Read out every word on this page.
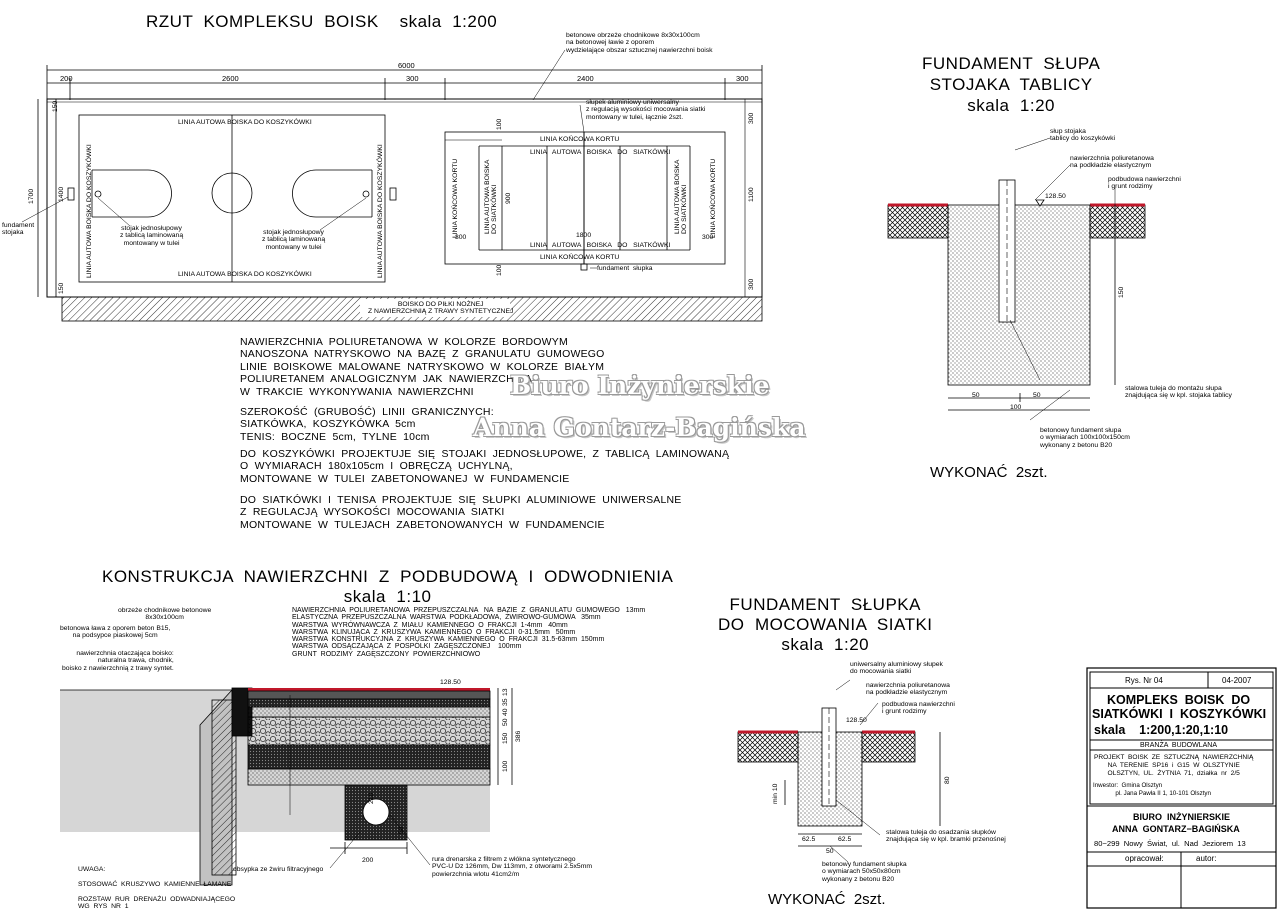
RZUT  KOMPLEKSU  BOISK    skala  1:200
6000
200	2600	300	2400	300
150
1400
1700
150
300
1100
300
LINIA AUTOWA BOISKA DO KOSZYKÓWKI
LINIA AUTOWA BOISKA DO KOSZYKÓWKI
LINIA AUTOWA BOISKA DO KOSZYKÓWKI	LINIA AUTOWA BOISKA DO KOSZYKÓWKI
fundament
stojaka
stojak jednosłupowy
z tablicą laminowaną
montowany w tulei
stojak jednosłupowy
z tablicą laminowaną
montowany w tulei
betonowe obrzeże chodnikowe 8x30x100cm
na betonowej ławie z oporem
wydzielające obszar sztucznej nawierzchni boisk
słupek aluminiowy uniwersalny
z regulacją wysokości mocowania siatki
montowany w tulei, łącznie 2szt.
LINIA KOŃCOWA KORTU
LINIA KOŃCOWA KORTU
LINIA   AUTOWA   BOISKA   DO   SIATKÓWKI
LINIA   AUTOWA   BOISKA   DO   SIATKÓWKI
LINIA KOŃCOWA KORTU	LINIA KOŃCOWA KORTU
LINIA AUTOWA BOISKA
DO SIATKÓWKI
LINIA AUTOWA BOISKA
DO SIATKÓWKI
100
100
900
1800
300	300
fundament  słupka
BOISKO DO PIŁKI NOŻNEJ
Z NAWIERZCHNIĄ Z TRAWY SYNTETYCZNEJ
NAWIERZCHNIA  POLIURETANOWA  W  KOLORZE  BORDOWYM
NANOSZONA  NATRYSKOWO  NA  BAZĘ  Z  GRANULATU  GUMOWEGO
LINIE  BOISKOWE  MALOWANE  NATRYSKOWO  W  KOLORZE  BIAŁYM
POLIURETANEM  ANALOGICZNYM  JAK  NAWIERZCHNIA,
W  TRAKCIE  WYKONYWANIA  NAWIERZCHNI
SZEROKOŚĆ  (GRUBOŚĆ)  LINII  GRANICZNYCH:
SIATKÓWKA,  KOSZYKÓWKA  5cm
TENIS:  BOCZNE  5cm,  TYLNE  10cm
DO  KOSZYKÓWKI  PROJEKTUJE  SIĘ  STOJAKI  JEDNOSŁUPOWE,  Z  TABLICĄ  LAMINOWANĄ
O  WYMIARACH  180x105cm  I  OBRĘCZĄ  UCHYLNĄ,
MONTOWANE  W  TULEI  ZABETONOWANEJ  W  FUNDAMENCIE
DO  SIATKÓWKI  I  TENISA  PROJEKTUJE  SIĘ  SŁUPKI  ALUMINIOWE  UNIWERSALNE
Z  REGULACJĄ  WYSOKOŚCI  MOCOWANIA  SIATKI
MONTOWANE  W  TULEJACH  ZABETONOWANYCH  W  FUNDAMENCIE
Biuro Inżynierskie
Anna Gontarz-Bagińska
FUNDAMENT  SŁUPA
STOJAKA  TABLICY
skala  1:20
słup stojaka
tablicy do koszykówki
nawierzchnia poliuretanowa
na podkładzie elastycznym
podbudowa nawierzchni
i grunt rodzimy
128.50
150
50	50
100
stalowa tuleja do montażu słupa
znajdująca się w kpl. stojaka tablicy
betonowy fundament słupa
o wymiarach 100x100x150cm
wykonany z betonu B20
WYKONAĆ  2szt.
KONSTRUKCJA  NAWIERZCHNI  Z  PODBUDOWĄ  I  ODWODNIENIA
skala  1:10
obrzeże chodnikowe betonowe
8x30x100cm
betonowa ława z oporem beton B15,
na podsypce piaskowej 5cm
nawierzchnia otaczająca boisko:
naturalna trawa, chodnik,
boisko z nawierzchnią z trawy syntet.
NAWIERZCHNIA  POLIURETANOWA  PRZEPUSZCZALNA   NA  BAZIE  Z  GRANULATU  GUMOWEGO   13mm
ELASTYCZNA  PRZEPUSZCZALNA  WARSTWA  PODKŁADOWA,  ŻWIROWO-GUMOWA   35mm
WARSTWA  WYRÓWNAWCZA  Z  MIAŁU  KAMIENNEGO  O  FRAKCJI  1-4mm   40mm
WARSTWA  KLINUJĄCA  Z  KRUSZYWA  KAMIENNEGO  O  FRAKCJI  0-31.5mm   50mm
WARSTWA  KONSTRUKCYJNA  Z  KRUSZYWA  KAMIENNEGO  O  FRAKCJI  31.5-63mm  150mm
WARSTWA  ODSĄCZAJĄCA  Z  POSPÓLKI  ZAGĘSZCZONEJ    100mm
GRUNT  RODZIMY  ZAGĘSZCZONY  POWIERZCHNIOWO
128.50
13
35
40
50
150
100
386
210
50
200
obsypka ze żwiru filtracyjnego
rura drenarska z filtrem z włókna syntetycznego
PVC-U Dz 126mm, Dw 113mm, z otworami 2.5x5mm
powierzchnia wlotu 41cm2/m
UWAGA:

STOSOWAĆ  KRUSZYWO  KAMIENNE  ŁAMANE

ROZSTAW  RUR  DRENAŻU  ODWADNIAJĄCEGO
WG  RYS  NR  1
FUNDAMENT  SŁUPKA
DO  MOCOWANIA  SIATKI
skala  1:20
uniwersalny aluminiowy słupek
do mocowania siatki
nawierzchnia poliuretanowa
na podkładzie elastycznym
podbudowa nawierzchni
i grunt rodzimy
128.50
80
min 10
62.5	62.5
50
stalowa tuleja do osadzania słupków
znajdująca się w kpl. bramki przenośnej
betonowy fundament słupka
o wymiarach 50x50x80cm
wykonany z betonu B20
WYKONAĆ  2szt.
Rys. Nr 04	04-2007
KOMPLEKS  BOISK  DO
SIATKÓWKI  I  KOSZYKÓWKI
skala    1:200,1:20,1:10
BRANŻA  BUDOWLANA
PROJEKT  BOISK  ZE  SZTUCZNĄ  NAWIERZCHNIĄ
NA  TERENIE  SP16  i  G15  W  OLSZTYNIE
OLSZTYN,  UL.  ŻYTNIA  71,  działka  nr  2/5
Inwestor:  Gmina Olsztyn
pl. Jana Pawła II 1, 10-101 Olsztyn
BIURO  INŻYNIERSKIE
ANNA  GONTARZ−BAGIŃSKA
80−299  Nowy  Świat,  ul.  Nad  Jeziorem  13
opracował:	autor:
